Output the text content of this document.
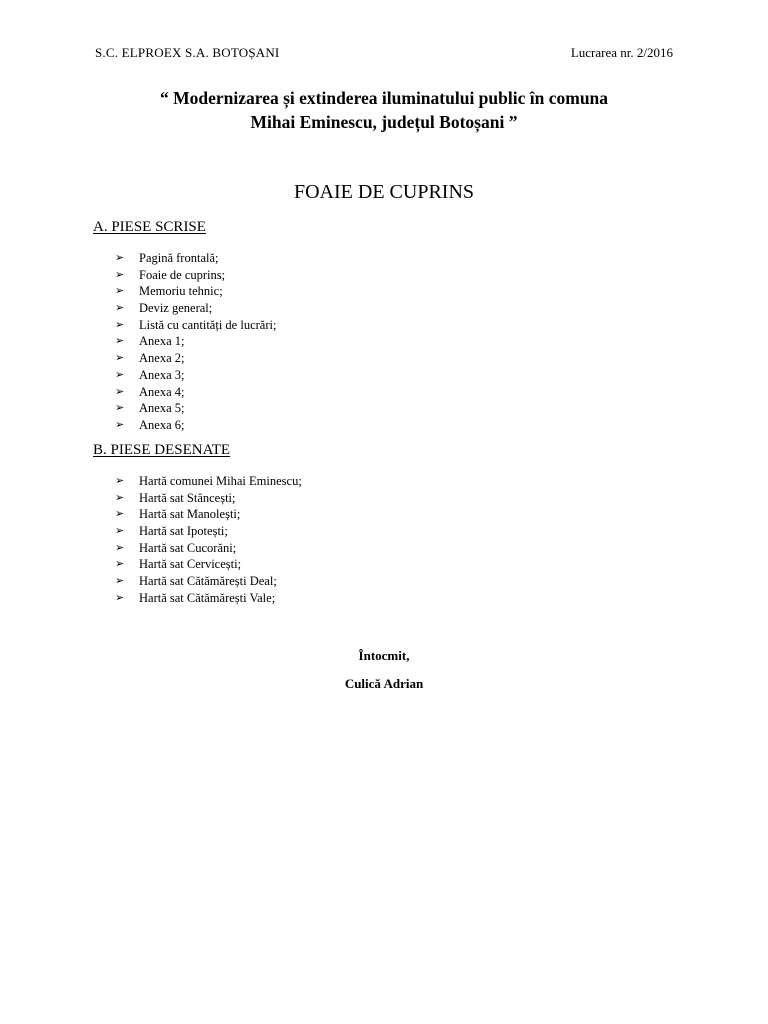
S.C. ELPROEX S.A. BOTOȘANI	Lucrarea nr. 2/2016
“ Modernizarea și extinderea iluminatului public în comuna
Mihai Eminescu, județul Botoșani ”
FOAIE DE CUPRINS
A. PIESE SCRISE
➢ Pagină frontală;
➢ Foaie de cuprins;
➢ Memoriu tehnic;
➢ Deviz general;
➢ Listă cu cantități de lucrări;
➢ Anexa 1;
➢ Anexa 2;
➢ Anexa 3;
➢ Anexa 4;
➢ Anexa 5;
➢ Anexa 6;
B. PIESE DESENATE
➢ Hartă comunei Mihai Eminescu;
➢ Hartă sat Stâncești;
➢ Hartă sat Manolești;
➢ Hartă sat Ipotești;
➢ Hartă sat Cucorăni;
➢ Hartă sat Cervicești;
➢ Hartă sat Cătămărești Deal;
➢ Hartă sat Cătămărești Vale;
Întocmit,
Culică Adrian
